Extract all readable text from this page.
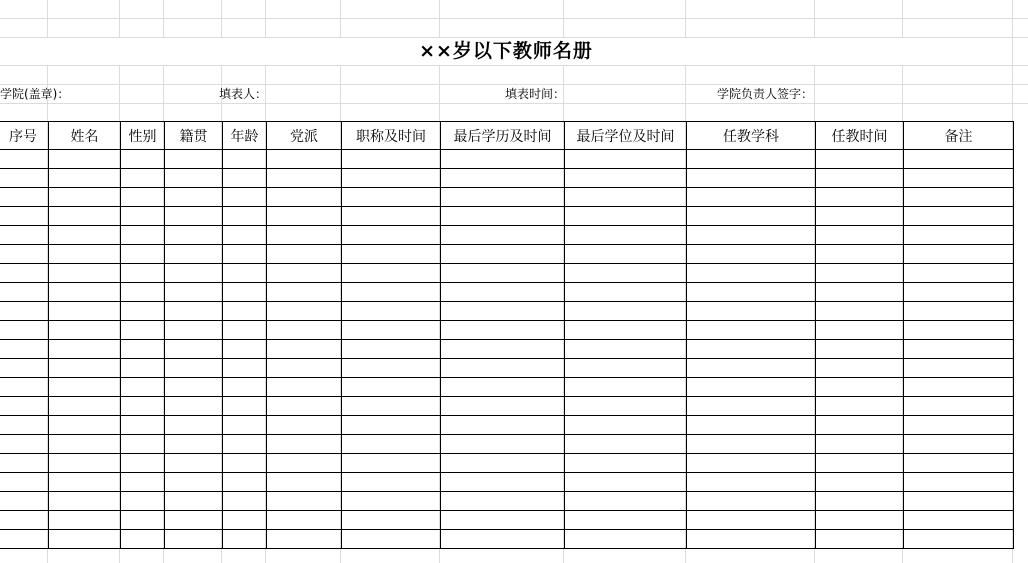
××岁以下教师名册
学院(盖章)：	填表人：	填表时间：	学院负责人签字：
序号	姓名	性别	籍贯	年龄	党派	职称及时间	最后学历及时间	最后学位及时间	任教学科	任教时间	备注
